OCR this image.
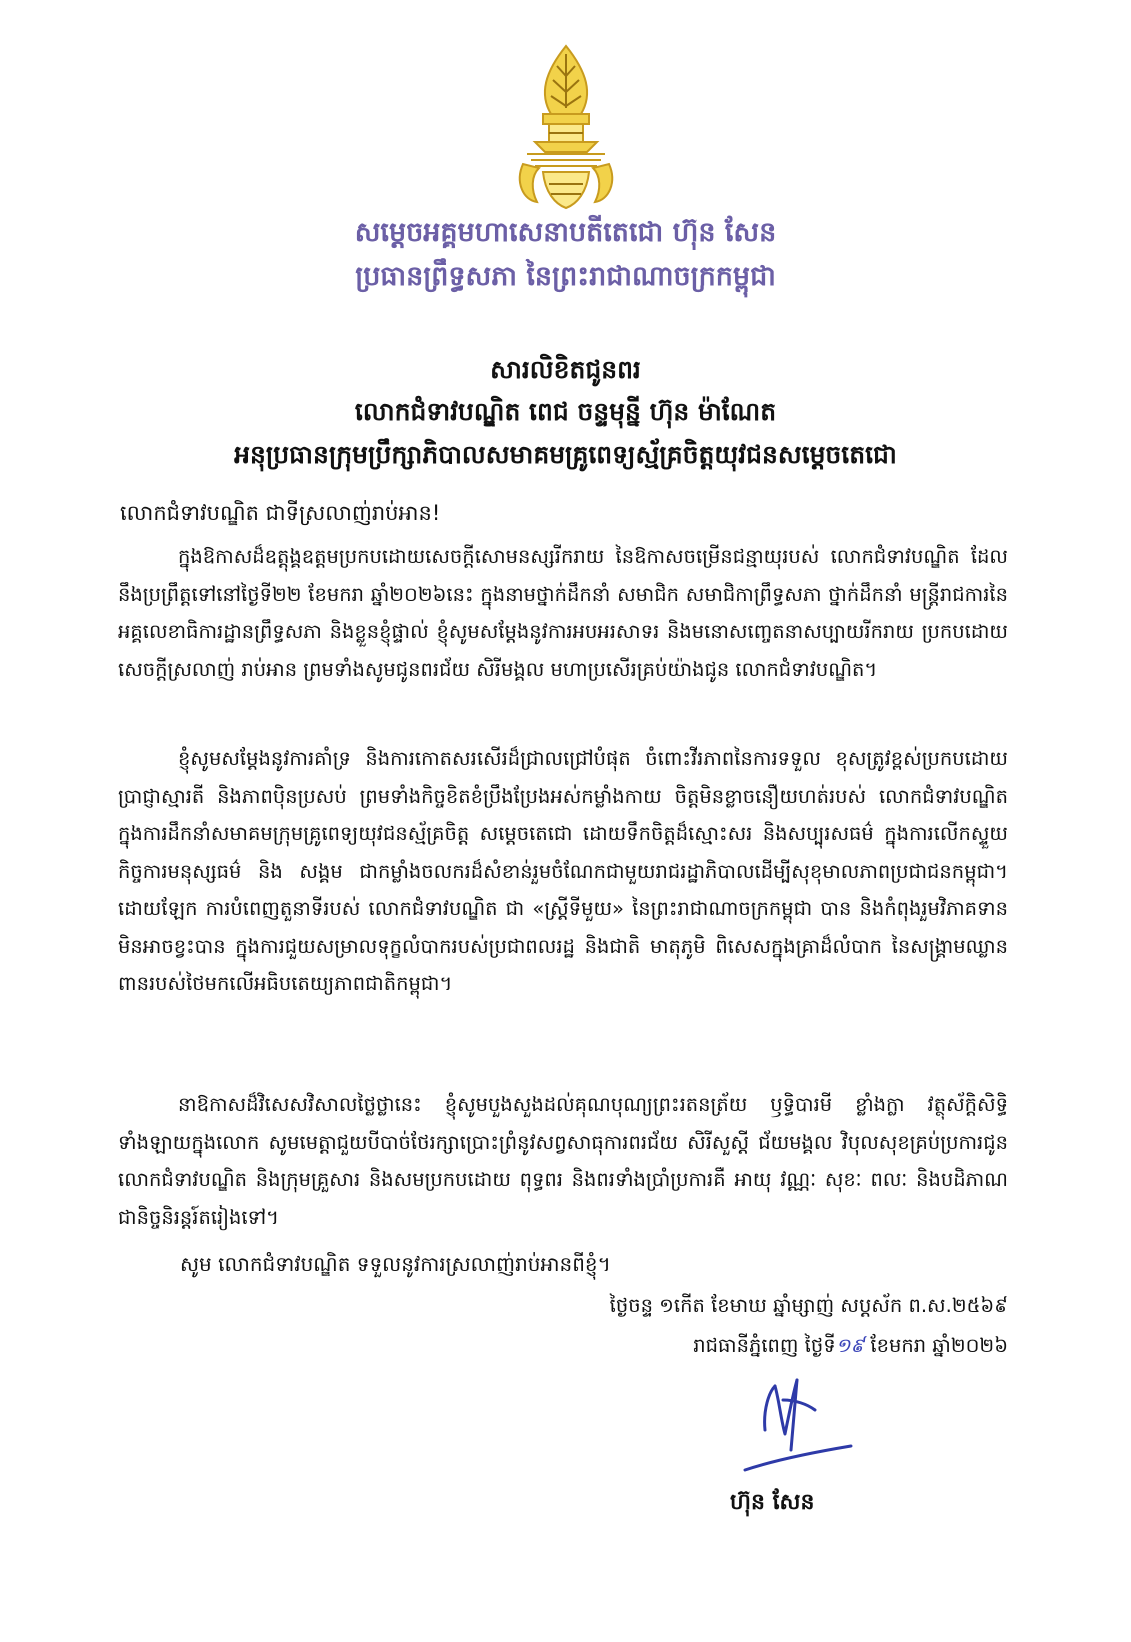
សម្តេចអគ្គមហាសេនាបតីតេជោ ហ៊ុន សែន
ប្រធានព្រឹទ្ធសភា នៃព្រះរាជាណាចក្រកម្ពុជា
សារលិខិតជូនពរ
លោកជំទាវបណ្ឌិត ពេជ ចន្ទមុន្នី ហ៊ុន ម៉ាណែត
អនុប្រធានក្រុមប្រឹក្សាភិបាលសមាគមគ្រូពេទ្យស្ម័គ្រចិត្តយុវជនសម្តេចតេជោ
លោកជំទាវបណ្ឌិត ជាទីស្រលាញ់រាប់អាន!
ក្នុងឱកាសដ៏ឧត្តុង្គឧត្តមប្រកបដោយសេចក្តីសោមនស្សរីករាយ នៃឱកាសចម្រើនជន្មាយុរបស់ លោកជំទាវបណ្ឌិត ដែលនឹងប្រព្រឹត្តទៅនៅថ្ងៃទី២២ ខែមករា ឆ្នាំ២០២៦នេះ ក្នុងនាមថ្នាក់ដឹកនាំ សមាជិក សមាជិកាព្រឹទ្ធសភា ថ្នាក់ដឹកនាំ មន្ត្រីរាជការនៃអគ្គលេខាធិការដ្ឋានព្រឹទ្ធសភា និងខ្លួនខ្ញុំផ្ទាល់ ខ្ញុំសូមសម្តែងនូវការអបអរសាទរ និងមនោសញ្ចេតនាសប្បាយរីករាយ ប្រកបដោយសេចក្តីស្រលាញ់ រាប់អាន ព្រមទាំងសូមជូនពរជ័យ សិរីមង្គល មហាប្រសើរគ្រប់យ៉ាងជូន លោកជំទាវបណ្ឌិត។
ខ្ញុំសូមសម្តែងនូវការគាំទ្រ និងការកោតសរសើរដ៏ជ្រាលជ្រៅបំផុត ចំពោះវីរភាពនៃការទទួល ខុសត្រូវខ្ពស់ប្រកបដោយប្រាជ្ញាស្មារតី និងភាពប៉ិនប្រសប់ ព្រមទាំងកិច្ចខិតខំប្រឹងប្រែងអស់កម្លាំងកាយ ចិត្តមិនខ្លាចនឿយហត់របស់ លោកជំទាវបណ្ឌិត ក្នុងការដឹកនាំសមាគមក្រុមគ្រូពេទ្យយុវជនស្ម័គ្រចិត្ត សម្តេចតេជោ ដោយទឹកចិត្តដ៏ស្មោះសរ និងសប្បុរសធម៌ ក្នុងការលើកស្ទួយកិច្ចការមនុស្សធម៌ និង សង្គម ជាកម្លាំងចលករដ៏សំខាន់រួមចំណែកជាមួយរាជរដ្ឋាភិបាលដើម្បីសុខុមាលភាពប្រជាជនកម្ពុជា។ ដោយឡែក ការបំពេញតួនាទីរបស់ លោកជំទាវបណ្ឌិត ជា «ស្ត្រីទីមួយ» នៃព្រះរាជាណាចក្រកម្ពុជា បាន និងកំពុងរួមវិភាគទានមិនអាចខ្វះបាន ក្នុងការជួយសម្រាលទុក្ខលំបាករបស់ប្រជាពលរដ្ឋ និងជាតិ មាតុភូមិ ពិសេសក្នុងគ្រាដ៏លំបាក នៃសង្គ្រាមឈ្លានពានរបស់ថៃមកលើអធិបតេយ្យភាពជាតិកម្ពុជា។
នាឱកាសដ៏វិសេសវិសាលថ្លៃថ្លានេះ ខ្ញុំសូមបួងសួងដល់គុណបុណ្យព្រះរតនត្រ័យ ឫទ្ធិបារមី ខ្លាំងក្លា វត្ថុស័ក្តិសិទ្ធិទាំងឡាយក្នុងលោក សូមមេត្តាជួយបីបាច់ថែរក្សាប្រោះព្រំនូវសព្វសាធុការពរជ័យ សិរីសួស្តី ជ័យមង្គល វិបុលសុខគ្រប់ប្រការជូន លោកជំទាវបណ្ឌិត និងក្រុមគ្រួសារ និងសមប្រកបដោយ ពុទ្ធពរ និងពរទាំងប្រាំប្រការគឺ អាយុ វណ្ណៈ សុខៈ ពលៈ និងបដិភាណ ជានិច្ចនិរន្តរ៍តរៀងទៅ។
សូម លោកជំទាវបណ្ឌិត ទទួលនូវការស្រលាញ់រាប់អានពីខ្ញុំ។
ថ្ងៃចន្ទ ១កើត ខែមាឃ ឆ្នាំម្សាញ់ សប្តស័ក ព.ស.២៥៦៩
រាជធានីភ្នំពេញ ថ្ងៃទី១៩ ខែមករា ឆ្នាំ២០២៦
ហ៊ុន សែន
